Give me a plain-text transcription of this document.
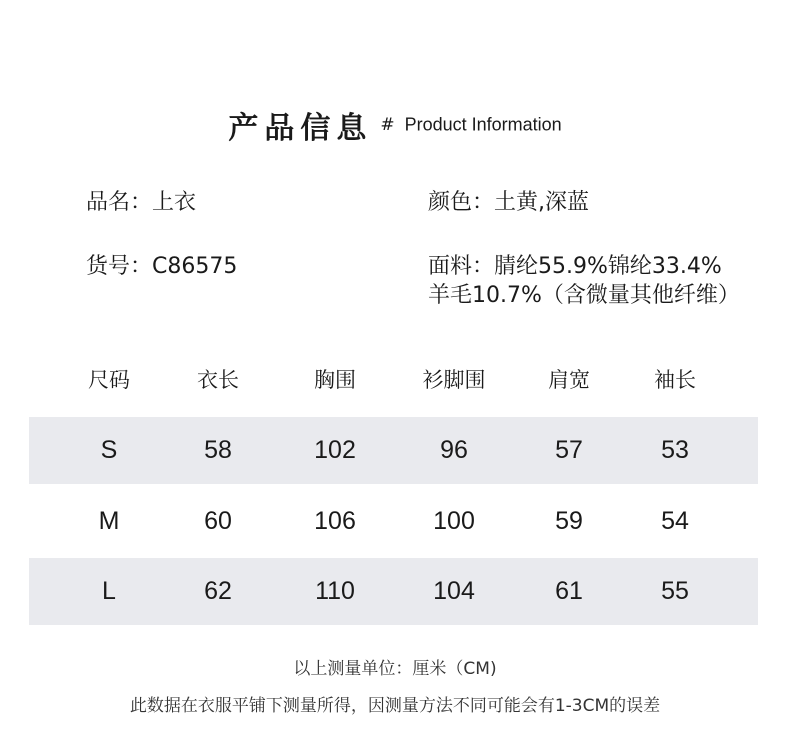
产品信息 # Product Information
品名：上衣	颜色：土黄,深蓝
货号：C86575	面料：腈纶55.9%锦纶33.4%
羊毛10.7%（含微量其他纤维）
尺码	衣长	胸围	衫脚围	肩宽	袖长
S	58	102	96	57	53
M	60	106	100	59	54
L	62	110	104	61	55
以上测量单位：厘米（CM)
此数据在衣服平铺下测量所得，因测量方法不同可能会有1-3CM的误差
